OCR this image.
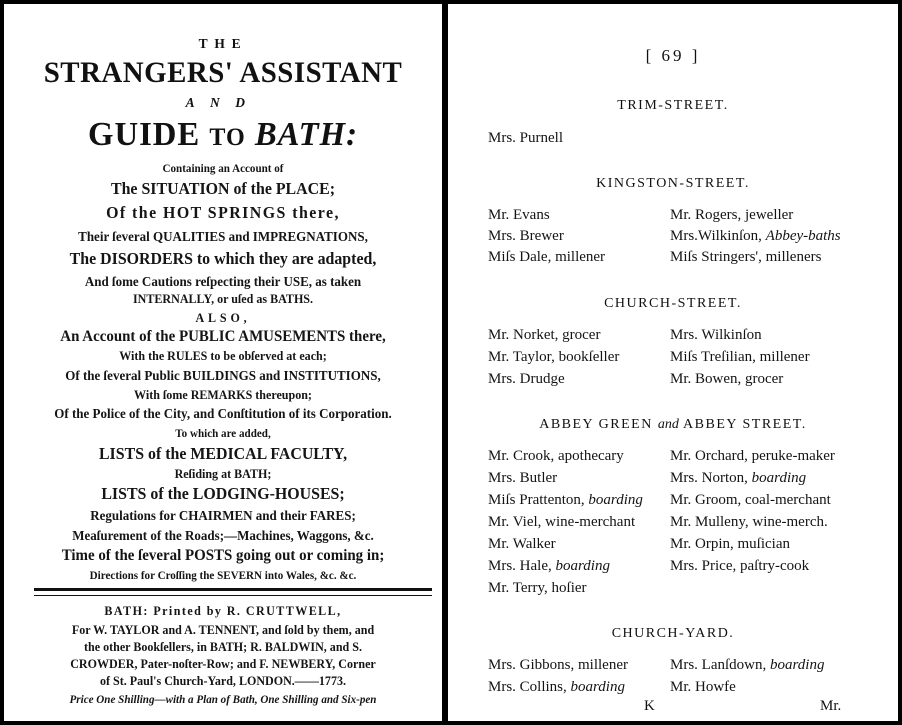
THE
STRANGERS' ASSISTANT
AND
GUIDE TO BATH:
Containing an Account of
The SITUATION of the PLACE;
Of the HOT SPRINGS there,
Their ſeveral QUALITIES and IMPREGNATIONS,
The DISORDERS to which they are adapted,
And ſome Cautions reſpecting their USE, as taken
INTERNALLY, or uſed as BATHS.
ALSO,
An Account of the PUBLIC AMUSEMENTS there,
With the RULES to be obſerved at each;
Of the ſeveral Public BUILDINGS and INSTITUTIONS,
With ſome REMARKS thereupon;
Of the Police of the City, and Conſtitution of its Corporation.
To which are added,
LISTS of the MEDICAL FACULTY,
Reſiding at BATH;
LISTS of the LODGING-HOUSES;
Regulations for CHAIRMEN and their FARES;
Meaſurement of the Roads;—Machines, Waggons, &c.
Time of the ſeveral POSTS going out or coming in;
Directions for Croſſing the SEVERN into Wales, &c. &c.
BATH: Printed by R. CRUTTWELL,
For W. TAYLOR and A. TENNENT, and ſold by them, and
the other Bookſellers, in BATH; R. BALDWIN, and S.
CROWDER, Pater-noſter-Row; and F. NEWBERY, Corner
of St. Paul's Church-Yard, LONDON.——1773.
Price One Shilling—with a Plan of Bath, One Shilling and Six-pen
[ 69 ]
TRIM-STREET.
Mrs. Purnell
KINGSTON-STREET.
Mr. Evans
Mrs. Brewer
Miſs Dale, millener
Mr. Rogers, jeweller
Mrs.Wilkinſon, Abbey-baths
Miſs Stringers', milleners
CHURCH-STREET.
Mr. Norket, grocer
Mr. Taylor, bookſeller
Mrs. Drudge
Mrs. Wilkinſon
Miſs Treſilian, millener
Mr. Bowen, grocer
ABBEY GREEN and ABBEY STREET.
Mr. Crook, apothecary
Mrs. Butler
Miſs Prattenton, boarding
Mr. Viel, wine-merchant
Mr. Walker
Mrs. Hale, boarding
Mr. Terry, hoſier
Mr. Orchard, peruke-maker
Mrs. Norton, boarding
Mr. Groom, coal-merchant
Mr. Mulleny, wine-merch.
Mr. Orpin, muſician
Mrs. Price, paſtry-cook
CHURCH-YARD.
Mrs. Gibbons, millener
Mrs. Collins, boarding
Mrs. Lanſdown, boarding
Mr. Howfe
K	Mr.
